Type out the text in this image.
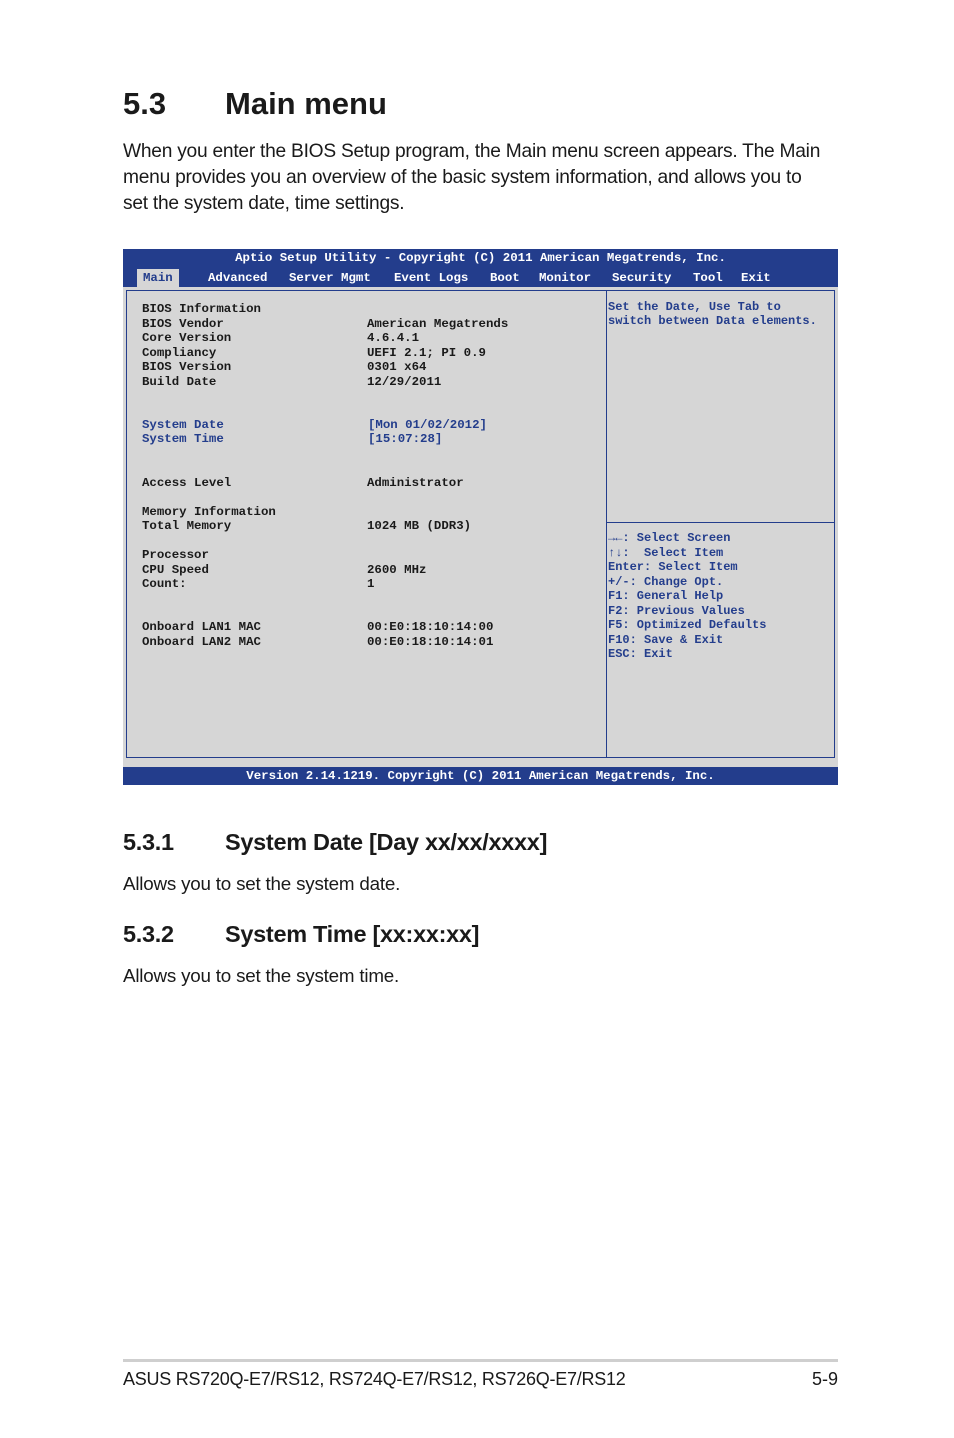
5.3 Main menu

When you enter the BIOS Setup program, the Main menu screen appears. The Main
menu provides you an overview of the basic system information, and allows you to
set the system date, time settings.

Aptio Setup Utility - Copyright (C) 2011 American Megatrends, Inc.
Main	Advanced Server Mgmt Event Logs Boot Monitor Security Tool Exit
BIOS Information
BIOS Vendor
Core Version
Compliancy
BIOS Version
Build Date
System Date
System Time
Access Level
Memory Information
Total Memory
Processor
CPU Speed
Count:
Onboard LAN1 MAC
Onboard LAN2 MAC
American Megatrends
4.6.4.1
UEFI 2.1; PI 0.9
0301 x64
12/29/2011
[Mon 01/02/2012]
[15:07:28]
Administrator
1024 MB (DDR3)
2600 MHz
1
00:E0:18:10:14:00
00:E0:18:10:14:01
Set the Date, Use Tab to
switch between Data elements.
→←: Select Screen
↑↓:  Select Item
Enter: Select Item
+/-: Change Opt.
F1: General Help
F2: Previous Values
F5: Optimized Defaults
F10: Save & Exit
ESC: Exit
Version 2.14.1219. Copyright (C) 2011 American Megatrends, Inc.
5.3.1 System Date [Day xx/xx/xxxx]

Allows you to set the system date.

5.3.2 System Time [xx:xx:xx]

Allows you to set the system time.

ASUS RS720Q-E7/RS12, RS724Q-E7/RS12, RS726Q-E7/RS12	5-9
